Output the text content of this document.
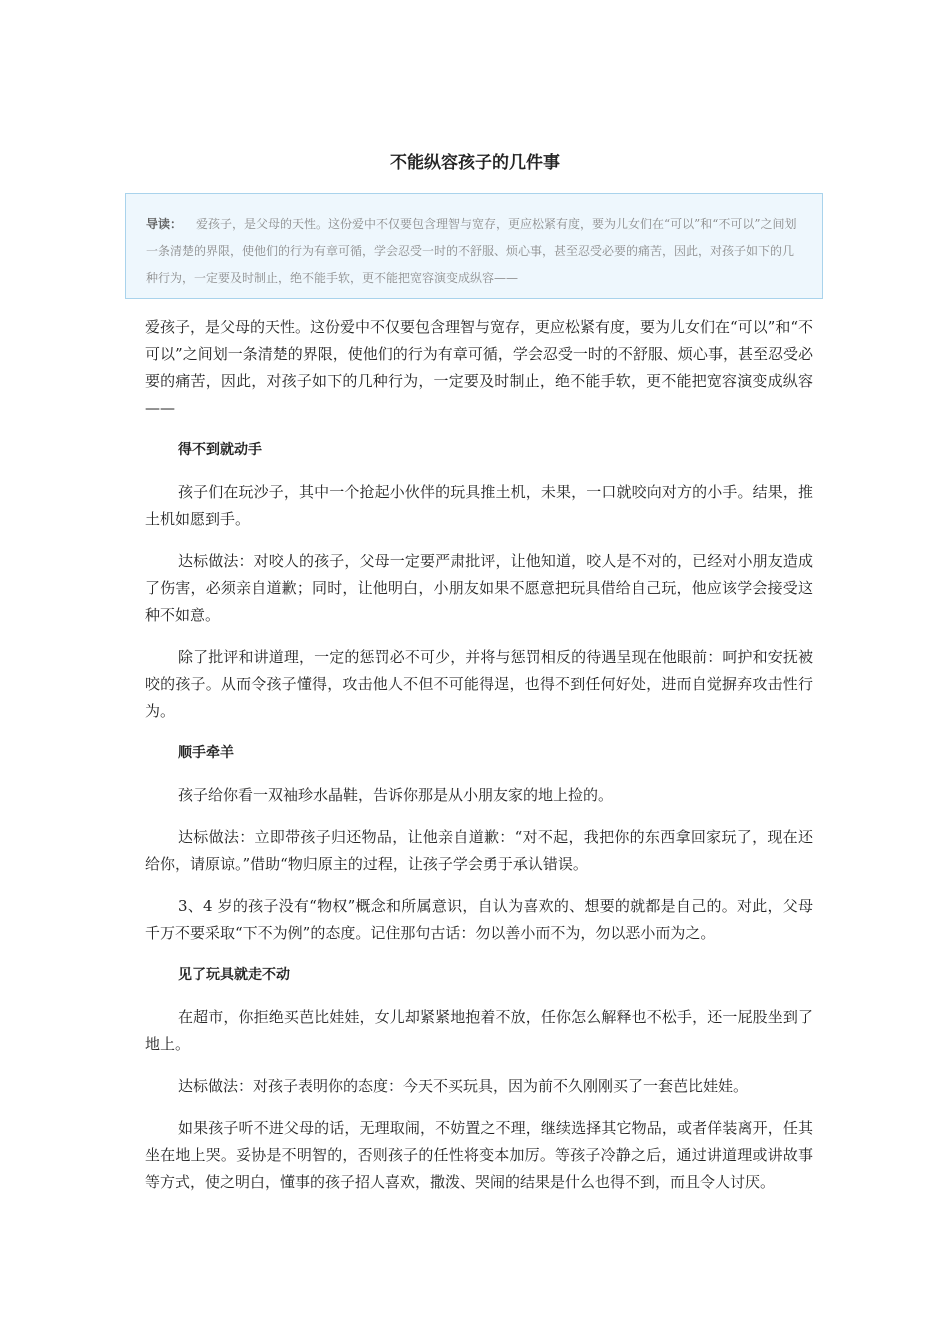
不能纵容孩子的几件事
导读： 爱孩子，是父母的天性。这份爱中不仅要包含理智与宽存，更应松紧有度，要为儿女们在“可以”和“不可以”之间划一条清楚的界限，使他们的行为有章可循，学会忍受一时的不舒服、烦心事，甚至忍受必要的痛苦，因此，对孩子如下的几种行为，一定要及时制止，绝不能手软，更不能把宽容演变成纵容——

爱孩子，是父母的天性。这份爱中不仅要包含理智与宽存，更应松紧有度，要为儿女们在“可以”和“不可以”之间划一条清楚的界限，使他们的行为有章可循，学会忍受一时的不舒服、烦心事，甚至忍受必要的痛苦，因此，对孩子如下的几种行为，一定要及时制止，绝不能手软，更不能把宽容演变成纵容——

得不到就动手

孩子们在玩沙子，其中一个抢起小伙伴的玩具推土机，未果，一口就咬向对方的小手。结果，推土机如愿到手。

达标做法：对咬人的孩子，父母一定要严肃批评，让他知道，咬人是不对的，已经对小朋友造成了伤害，必须亲自道歉；同时，让他明白，小朋友如果不愿意把玩具借给自己玩，他应该学会接受这种不如意。

除了批评和讲道理，一定的惩罚必不可少，并将与惩罚相反的待遇呈现在他眼前：呵护和安抚被咬的孩子。从而令孩子懂得，攻击他人不但不可能得逞，也得不到任何好处，进而自觉摒弃攻击性行为。

顺手牵羊

孩子给你看一双袖珍水晶鞋，告诉你那是从小朋友家的地上捡的。

达标做法：立即带孩子归还物品，让他亲自道歉：“对不起，我把你的东西拿回家玩了，现在还给你，请原谅。”借助“物归原主的过程，让孩子学会勇于承认错误。

3、4 岁的孩子没有“物权”概念和所属意识，自认为喜欢的、想要的就都是自己的。对此，父母千万不要采取“下不为例”的态度。记住那句古话：勿以善小而不为，勿以恶小而为之。

见了玩具就走不动

在超市，你拒绝买芭比娃娃，女儿却紧紧地抱着不放，任你怎么解释也不松手，还一屁股坐到了地上。

达标做法：对孩子表明你的态度：今天不买玩具，因为前不久刚刚买了一套芭比娃娃。

如果孩子听不进父母的话，无理取闹，不妨置之不理，继续选择其它物品，或者佯装离开，任其坐在地上哭。妥协是不明智的，否则孩子的任性将变本加厉。等孩子冷静之后，通过讲道理或讲故事等方式，使之明白，懂事的孩子招人喜欢，撒泼、哭闹的结果是什么也得不到，而且令人讨厌。
